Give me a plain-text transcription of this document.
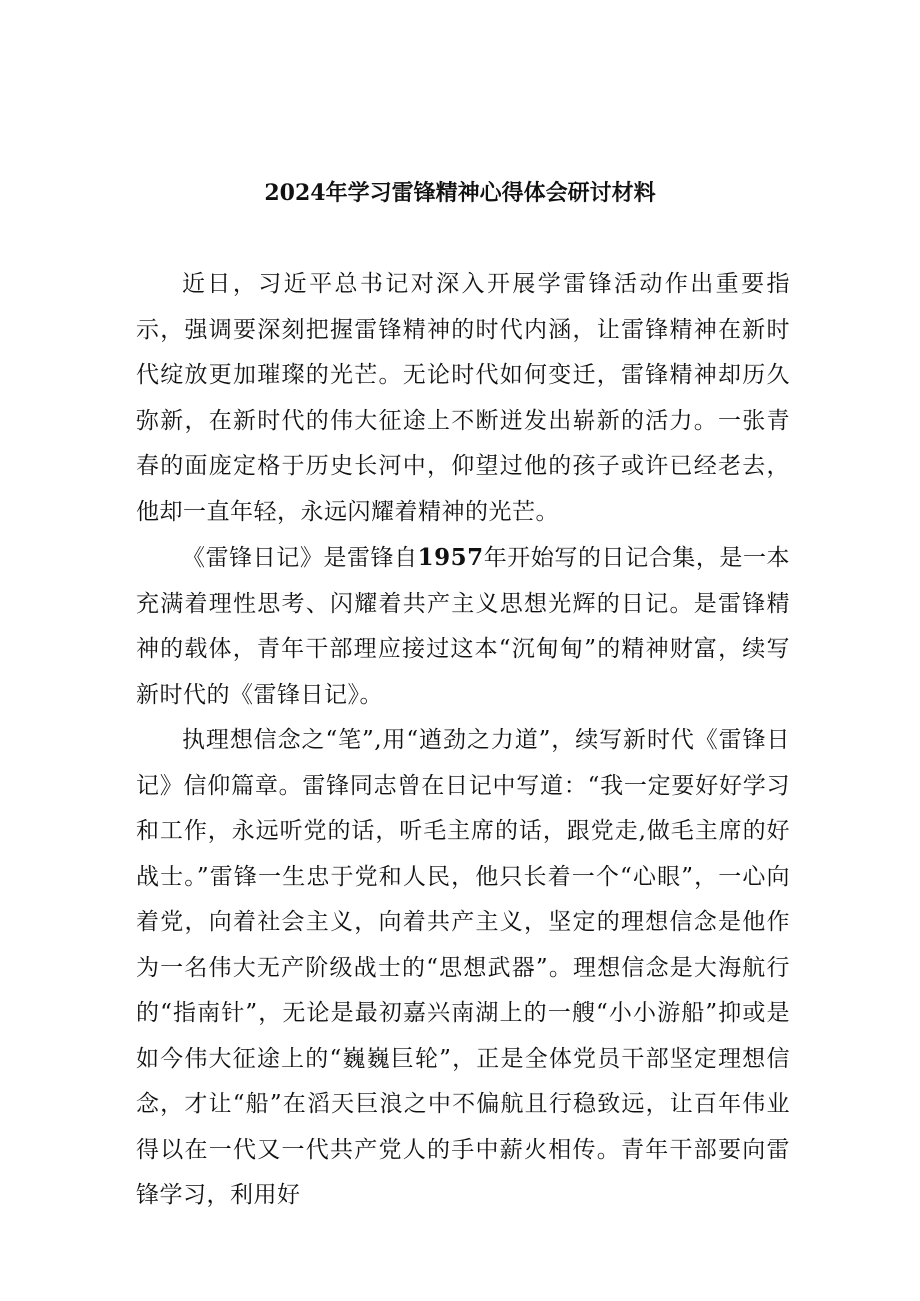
2024年学习雷锋精神心得体会研讨材料

近日，习近平总书记对深入开展学雷锋活动作出重要指示，强调要深刻把握雷锋精神的时代内涵，让雷锋精神在新时代绽放更加璀璨的光芒。无论时代如何变迁，雷锋精神却历久弥新，在新时代的伟大征途上不断迸发出崭新的活力。一张青春的面庞定格于历史长河中，仰望过他的孩子或许已经老去，他却一直年轻，永远闪耀着精神的光芒。

《雷锋日记》是雷锋自1957年开始写的日记合集，是一本充满着理性思考、闪耀着共产主义思想光辉的日记。是雷锋精神的载体，青年干部理应接过这本“沉甸甸”的精神财富，续写新时代的《雷锋日记》。

执理想信念之“笔”,用“遒劲之力道”，续写新时代《雷锋日记》信仰篇章。雷锋同志曾在日记中写道：“我一定要好好学习和工作，永远听党的话，听毛主席的话，跟党走,做毛主席的好战士。”雷锋一生忠于党和人民，他只长着一个“心眼”，一心向着党，向着社会主义，向着共产主义，坚定的理想信念是他作为一名伟大无产阶级战士的“思想武器”。理想信念是大海航行的“指南针”，无论是最初嘉兴南湖上的一艘“小小游船”抑或是如今伟大征途上的“巍巍巨轮”，正是全体党员干部坚定理想信念，才让“船”在滔天巨浪之中不偏航且行稳致远，让百年伟业得以在一代又一代共产党人的手中薪火相传。青年干部要向雷锋学习，利用好
